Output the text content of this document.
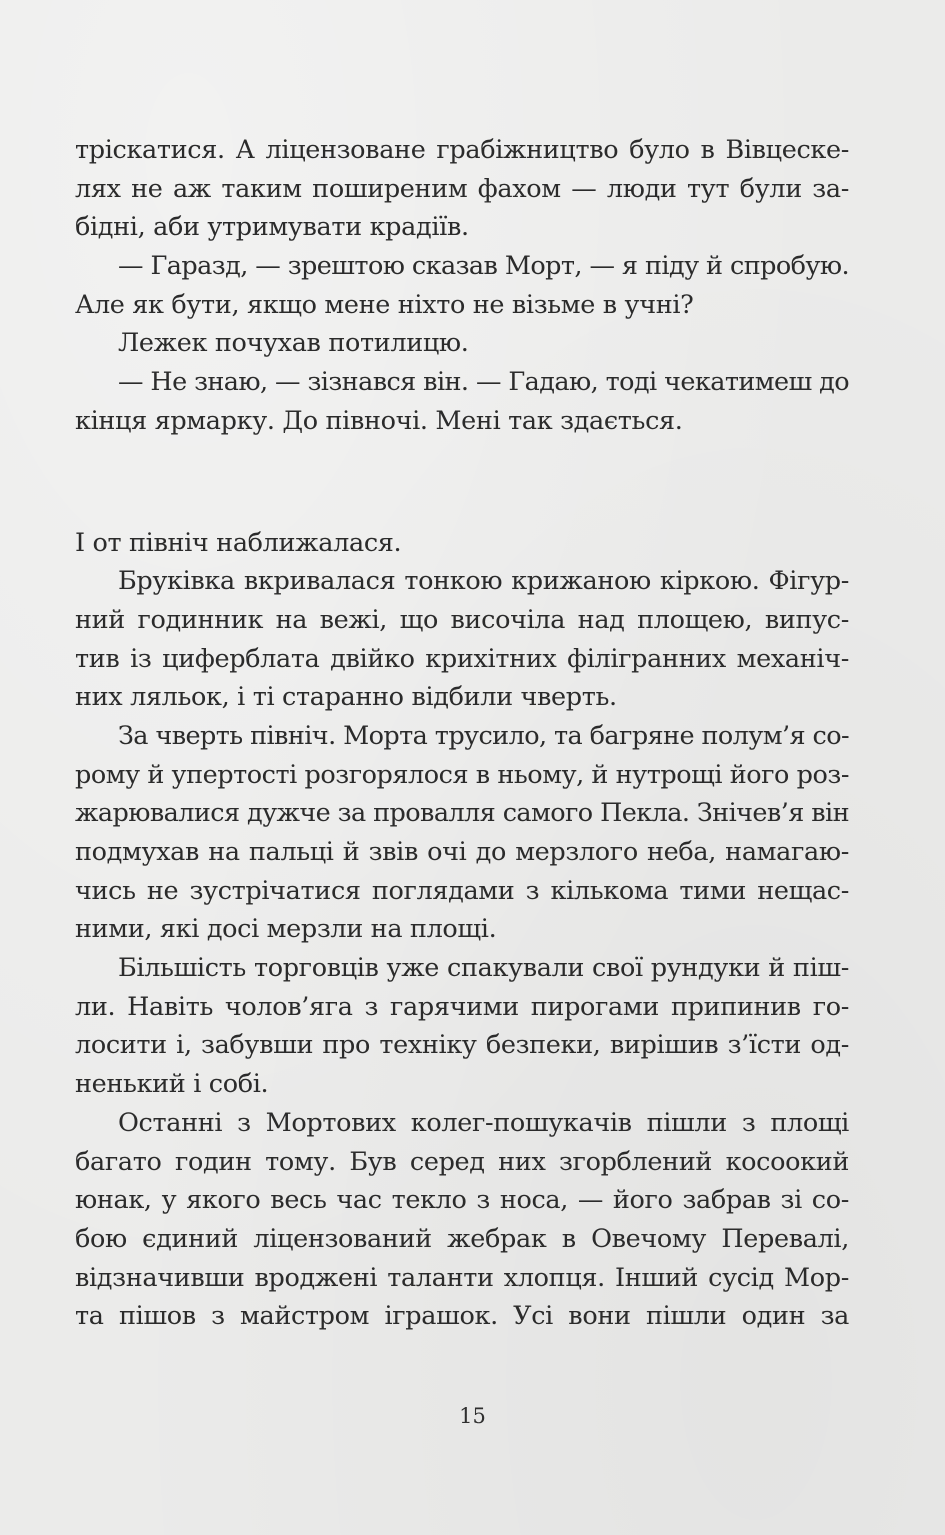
тріскатися. А ліцензоване грабіжництво було в Вівцеске-
лях не аж таким поширеним фахом — люди тут були за-
бідні, аби утримувати крадіїв.
— Гаразд, — зрештою сказав Морт, — я піду й спробую.
Але як бути, якщо мене ніхто не візьме в учні?
Лежек почухав потилицю.
— Не знаю, — зізнався він. — Гадаю, тоді чекатимеш до
кінця ярмарку. До півночі. Мені так здається.
І от північ наближалася.
Бруківка вкривалася тонкою крижаною кіркою. Фігур-
ний годинник на вежі, що височіла над площею, випус-
тив із циферблата двійко крихітних філігранних механіч-
них ляльок, і ті старанно відбили чверть.
За чверть північ. Морта трусило, та багряне полум’я со-
рому й упертості розгорялося в ньому, й нутрощі його роз-
жарювалися дужче за провалля самого Пекла. Знічев’я він
подмухав на пальці й звів очі до мерзлого неба, намагаю-
чись не зустрічатися поглядами з кількома тими нещас-
ними, які досі мерзли на площі.
Більшість торговців уже спакували свої рундуки й пiш-
ли. Навіть чолов’яга з гарячими пирогами припинив го-
лосити і, забувши про техніку безпеки, вирішив з’їсти од-
ненький і собі.
Останні з Мортових колег-пошукачів пішли з площі
багато годин тому. Був серед них згорблений косоокий
юнак, у якого весь час текло з носа, — його забрав зі со-
бою єдиний ліцензований жебрак в Овечому Перевалі,
відзначивши вроджені таланти хлопця. Інший сусід Мор-
та пішов з майстром іграшок. Усі вони пішли один за
15
